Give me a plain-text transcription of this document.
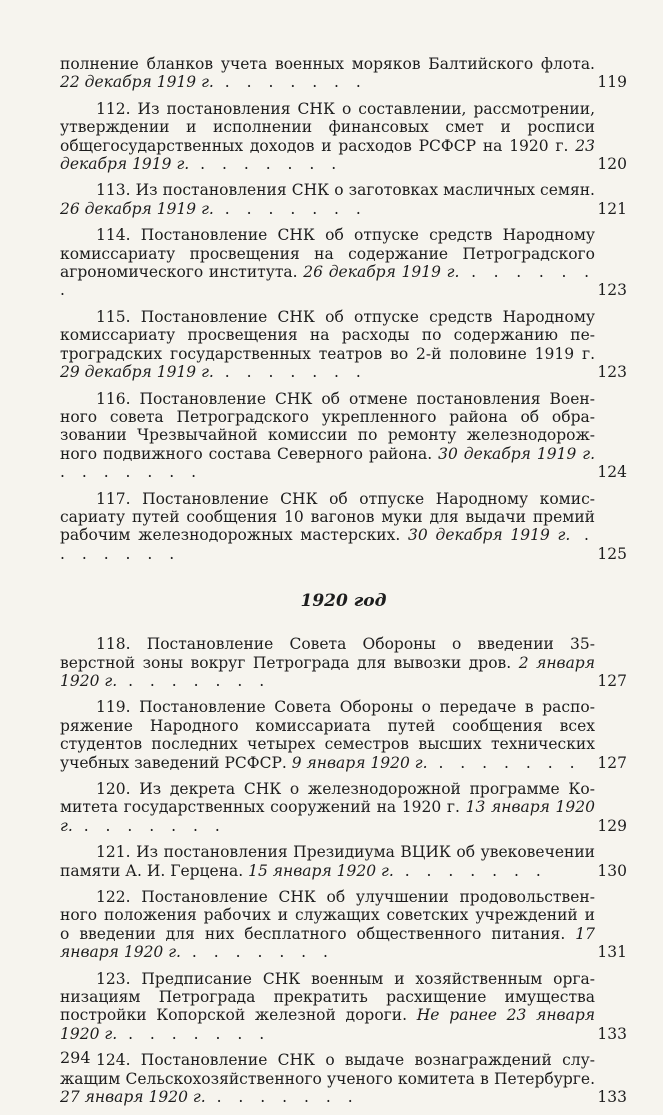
полнение бланков учета военных моряков Балтийского флота. 22 декабря 1919 г. . . . . . . .	119
112. Из постановления СНК о составлении, рассмотрении, утверждении и исполнении финансовых смет и росписи общегосударственных доходов и расходов РСФСР на 1920 г. 23 декабря 1919 г. . . . . . . .	120
113. Из постановления СНК о заготовках масличных семян. 26 декабря 1919 г. . . . . . . .	121
114. Постановление СНК об отпуске средств Народному комиссариату просвещения на содержание Петроградского агрономического института. 26 декабря 1919 г. . . . . . . .	123
115. Постановление СНК об отпуске средств Народному комиссариату просвещения на расходы по содержанию петроградских государственных театров во 2-й половине 1919 г. 29 декабря 1919 г. . . . . . . .	123
116. Постановление СНК об отмене постановления Военного совета Петроградского укрепленного района об образовании Чрезвычайной комиссии по ремонту железнодорожного подвижного состава Северного района. 30 декабря 1919 г. . . . . . . .	124
117. Постановление СНК об отпуске Народному комиссариату путей сообщения 10 вагонов муки для выдачи премий рабочим железнодорожных мастерских. 30 декабря 1919 г. . . . . . . .	125
1920 год
118. Постановление Совета Обороны о введении 35-верстной зоны вокруг Петрограда для вывозки дров. 2 января 1920 г. . . . . . . .	127
119. Постановление Совета Обороны о передаче в распоряжение Народного комиссариата путей сообщения всех студентов последних четырех семестров высших технических учебных заведений РСФСР. 9 января 1920 г. . . . . . . .	127
120. Из декрета СНК о железнодорожной программе Комитета государственных сооружений на 1920 г. 13 января 1920 г. . . . . . . .	129
121. Из постановления Президиума ВЦИК об увековечении памяти А. И. Герцена. 15 января 1920 г. . . . . . . .	130
122. Постановление СНК об улучшении продовольственного положения рабочих и служащих советских учреждений и о введении для них бесплатного общественного питания. 17 января 1920 г. . . . . . . .	131
123. Предписание СНК военным и хозяйственным организациям Петрограда прекратить расхищение имущества постройки Копорской железной дороги. Не ранее 23 января 1920 г. . . . . . . .	133
124. Постановление СНК о выдаче вознаграждений служащим Сельскохозяйственного ученого комитета в Петербурге. 27 января 1920 г. . . . . . . .	133
294
